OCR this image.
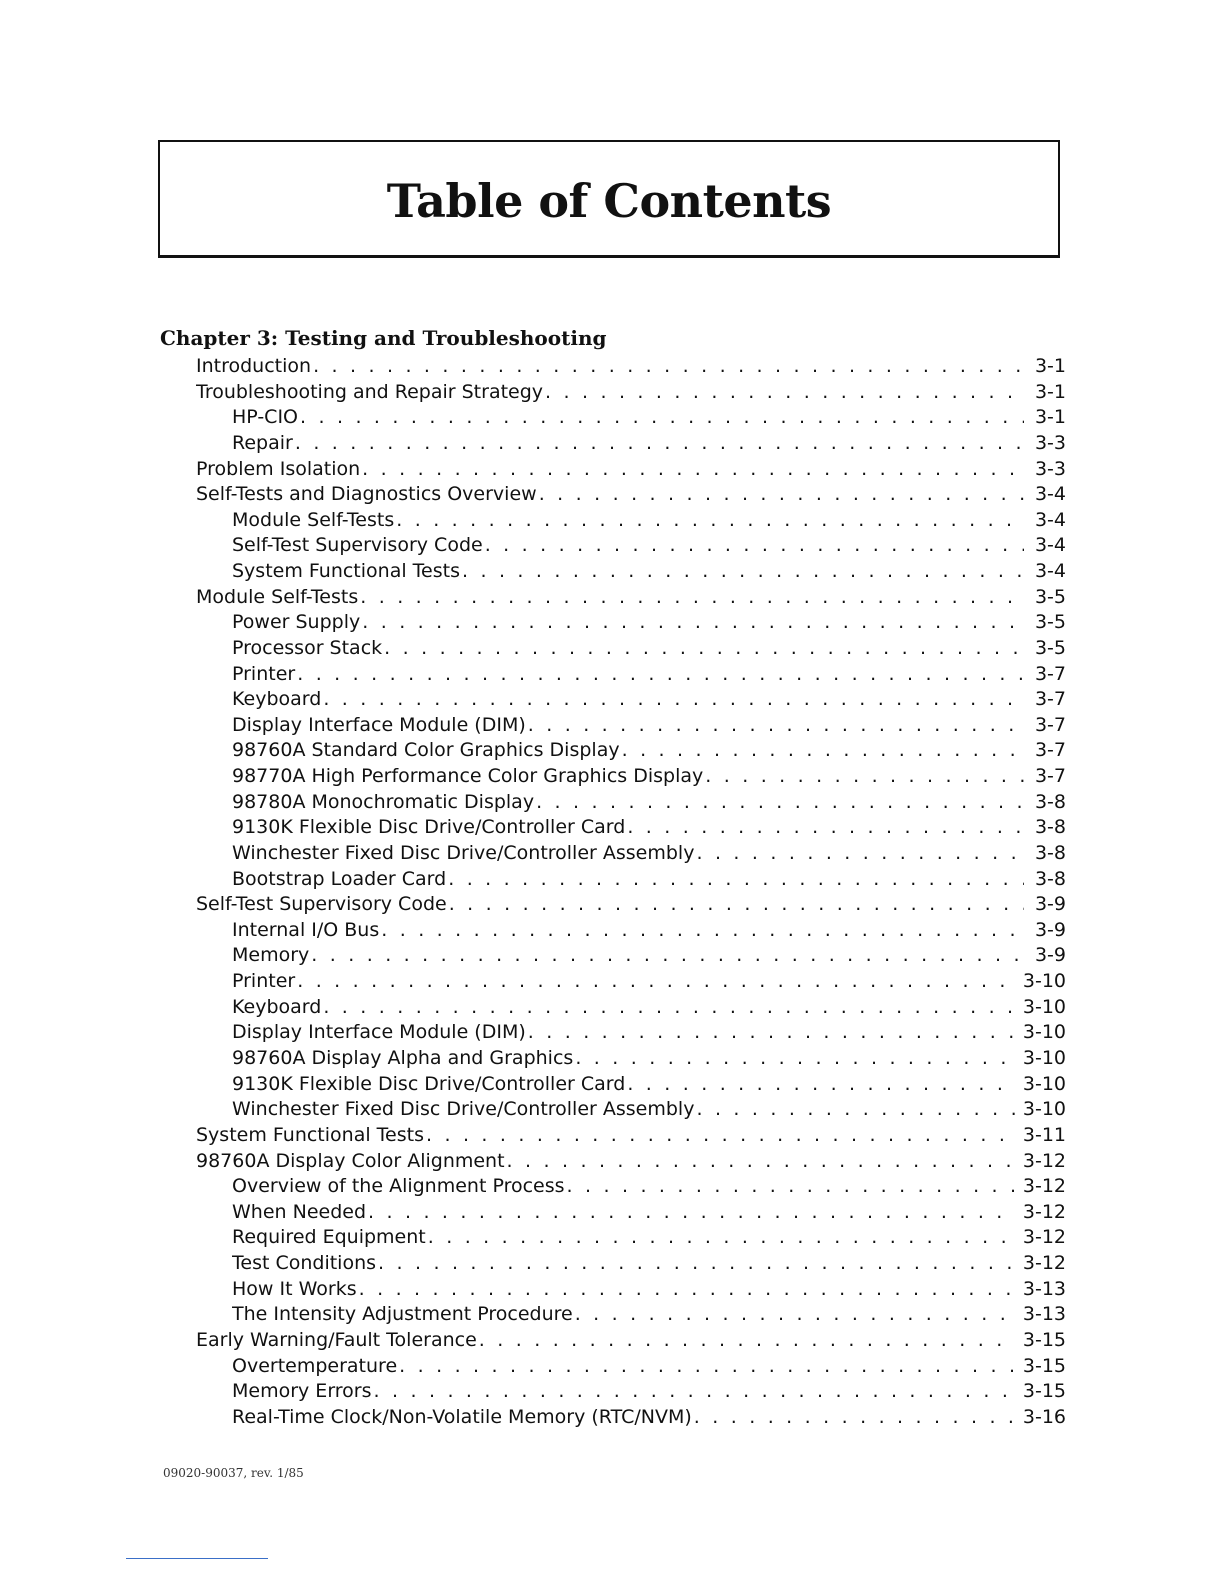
Table of Contents
Chapter 3: Testing and Troubleshooting
Introduction . . .	3-1
Troubleshooting and Repair Strategy . . .	3-1
HP-CIO . . .	3-1
Repair . . .	3-3
Problem Isolation . . .	3-3
Self-Tests and Diagnostics Overview . . .	3-4
Module Self-Tests . . .	3-4
Self-Test Supervisory Code . . .	3-4
System Functional Tests . . .	3-4
Module Self-Tests . . .	3-5
Power Supply . . .	3-5
Processor Stack . . .	3-5
Printer . . .	3-7
Keyboard . . .	3-7
Display Interface Module (DIM) . . .	3-7
98760A Standard Color Graphics Display . . .	3-7
98770A High Performance Color Graphics Display . . .	3-7
98780A Monochromatic Display . . .	3-8
9130K Flexible Disc Drive/Controller Card . . .	3-8
Winchester Fixed Disc Drive/Controller Assembly . . .	3-8
Bootstrap Loader Card . . .	3-8
Self-Test Supervisory Code . . .	3-9
Internal I/O Bus . . .	3-9
Memory . . .	3-9
Printer . . .	3-10
Keyboard . . .	3-10
Display Interface Module (DIM) . . .	3-10
98760A Display Alpha and Graphics . . .	3-10
9130K Flexible Disc Drive/Controller Card . . .	3-10
Winchester Fixed Disc Drive/Controller Assembly . . .	3-10
System Functional Tests . . .	3-11
98760A Display Color Alignment . . .	3-12
Overview of the Alignment Process . . .	3-12
When Needed . . .	3-12
Required Equipment . . .	3-12
Test Conditions . . .	3-12
How It Works . . .	3-13
The Intensity Adjustment Procedure . . .	3-13
Early Warning/Fault Tolerance . . .	3-15
Overtemperature . . .	3-15
Memory Errors . . .	3-15
Real-Time Clock/Non-Volatile Memory (RTC/NVM) . . .	3-16
09020-90037, rev. 1/85
